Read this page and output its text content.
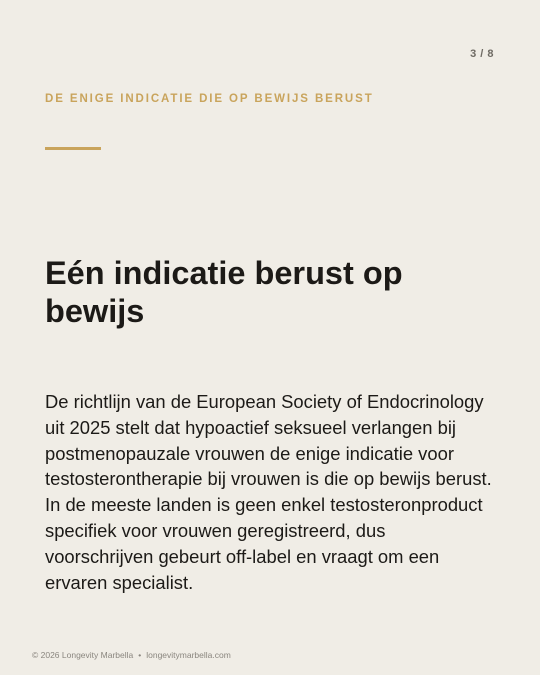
3 / 8
DE ENIGE INDICATIE DIE OP BEWIJS BERUST
Eén indicatie berust op bewijs

De richtlijn van de European Society of Endocrinology uit 2025 stelt dat hypoactief seksueel verlangen bij postmenopauzale vrouwen de enige indicatie voor testosterontherapie bij vrouwen is die op bewijs berust. In de meeste landen is geen enkel testosteronproduct specifiek voor vrouwen geregistreerd, dus voorschrijven gebeurt off-label en vraagt om een ervaren specialist.

© 2026 Longevity Marbella • longevitymarbella.com
